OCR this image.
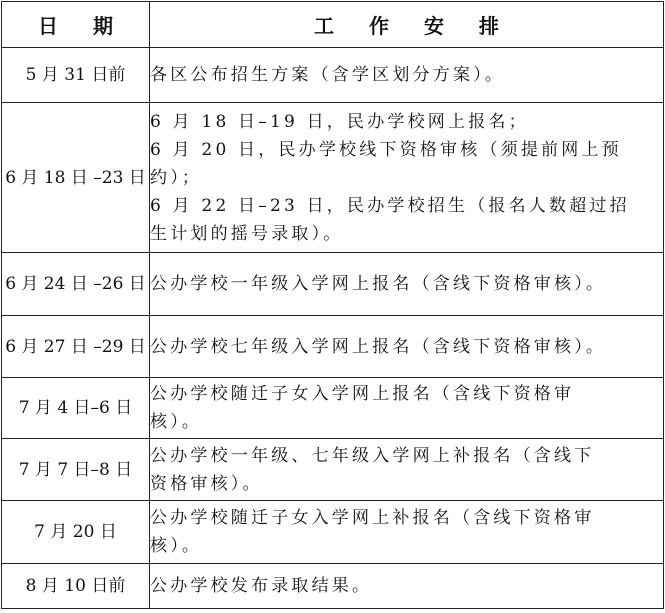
日 期	工 作 安 排
5 月 31 日前	各区公布招生方案（含学区划分方案）。

6 月 18 日 –23 日	6 月 18 日–19 日，民办学校网上报名；
6 月 20 日，民办学校线下资格审核（须提前网上预
约）；
6 月 22 日–23 日，民办学校招生（报名人数超过招
生计划的摇号录取）。

6 月 24 日 –26 日	公办学校一年级入学网上报名（含线下资格审核）。

6 月 27 日 –29 日	公办学校七年级入学网上报名（含线下资格审核）。

7 月 4 日–6 日	公办学校随迁子女入学网上报名（含线下资格审
核）。

7 月 7 日–8 日	公办学校一年级、七年级入学网上补报名（含线下
资格审核）。

7 月 20 日	公办学校随迁子女入学网上补报名（含线下资格审
核）。

8 月 10 日前	公办学校发布录取结果。
